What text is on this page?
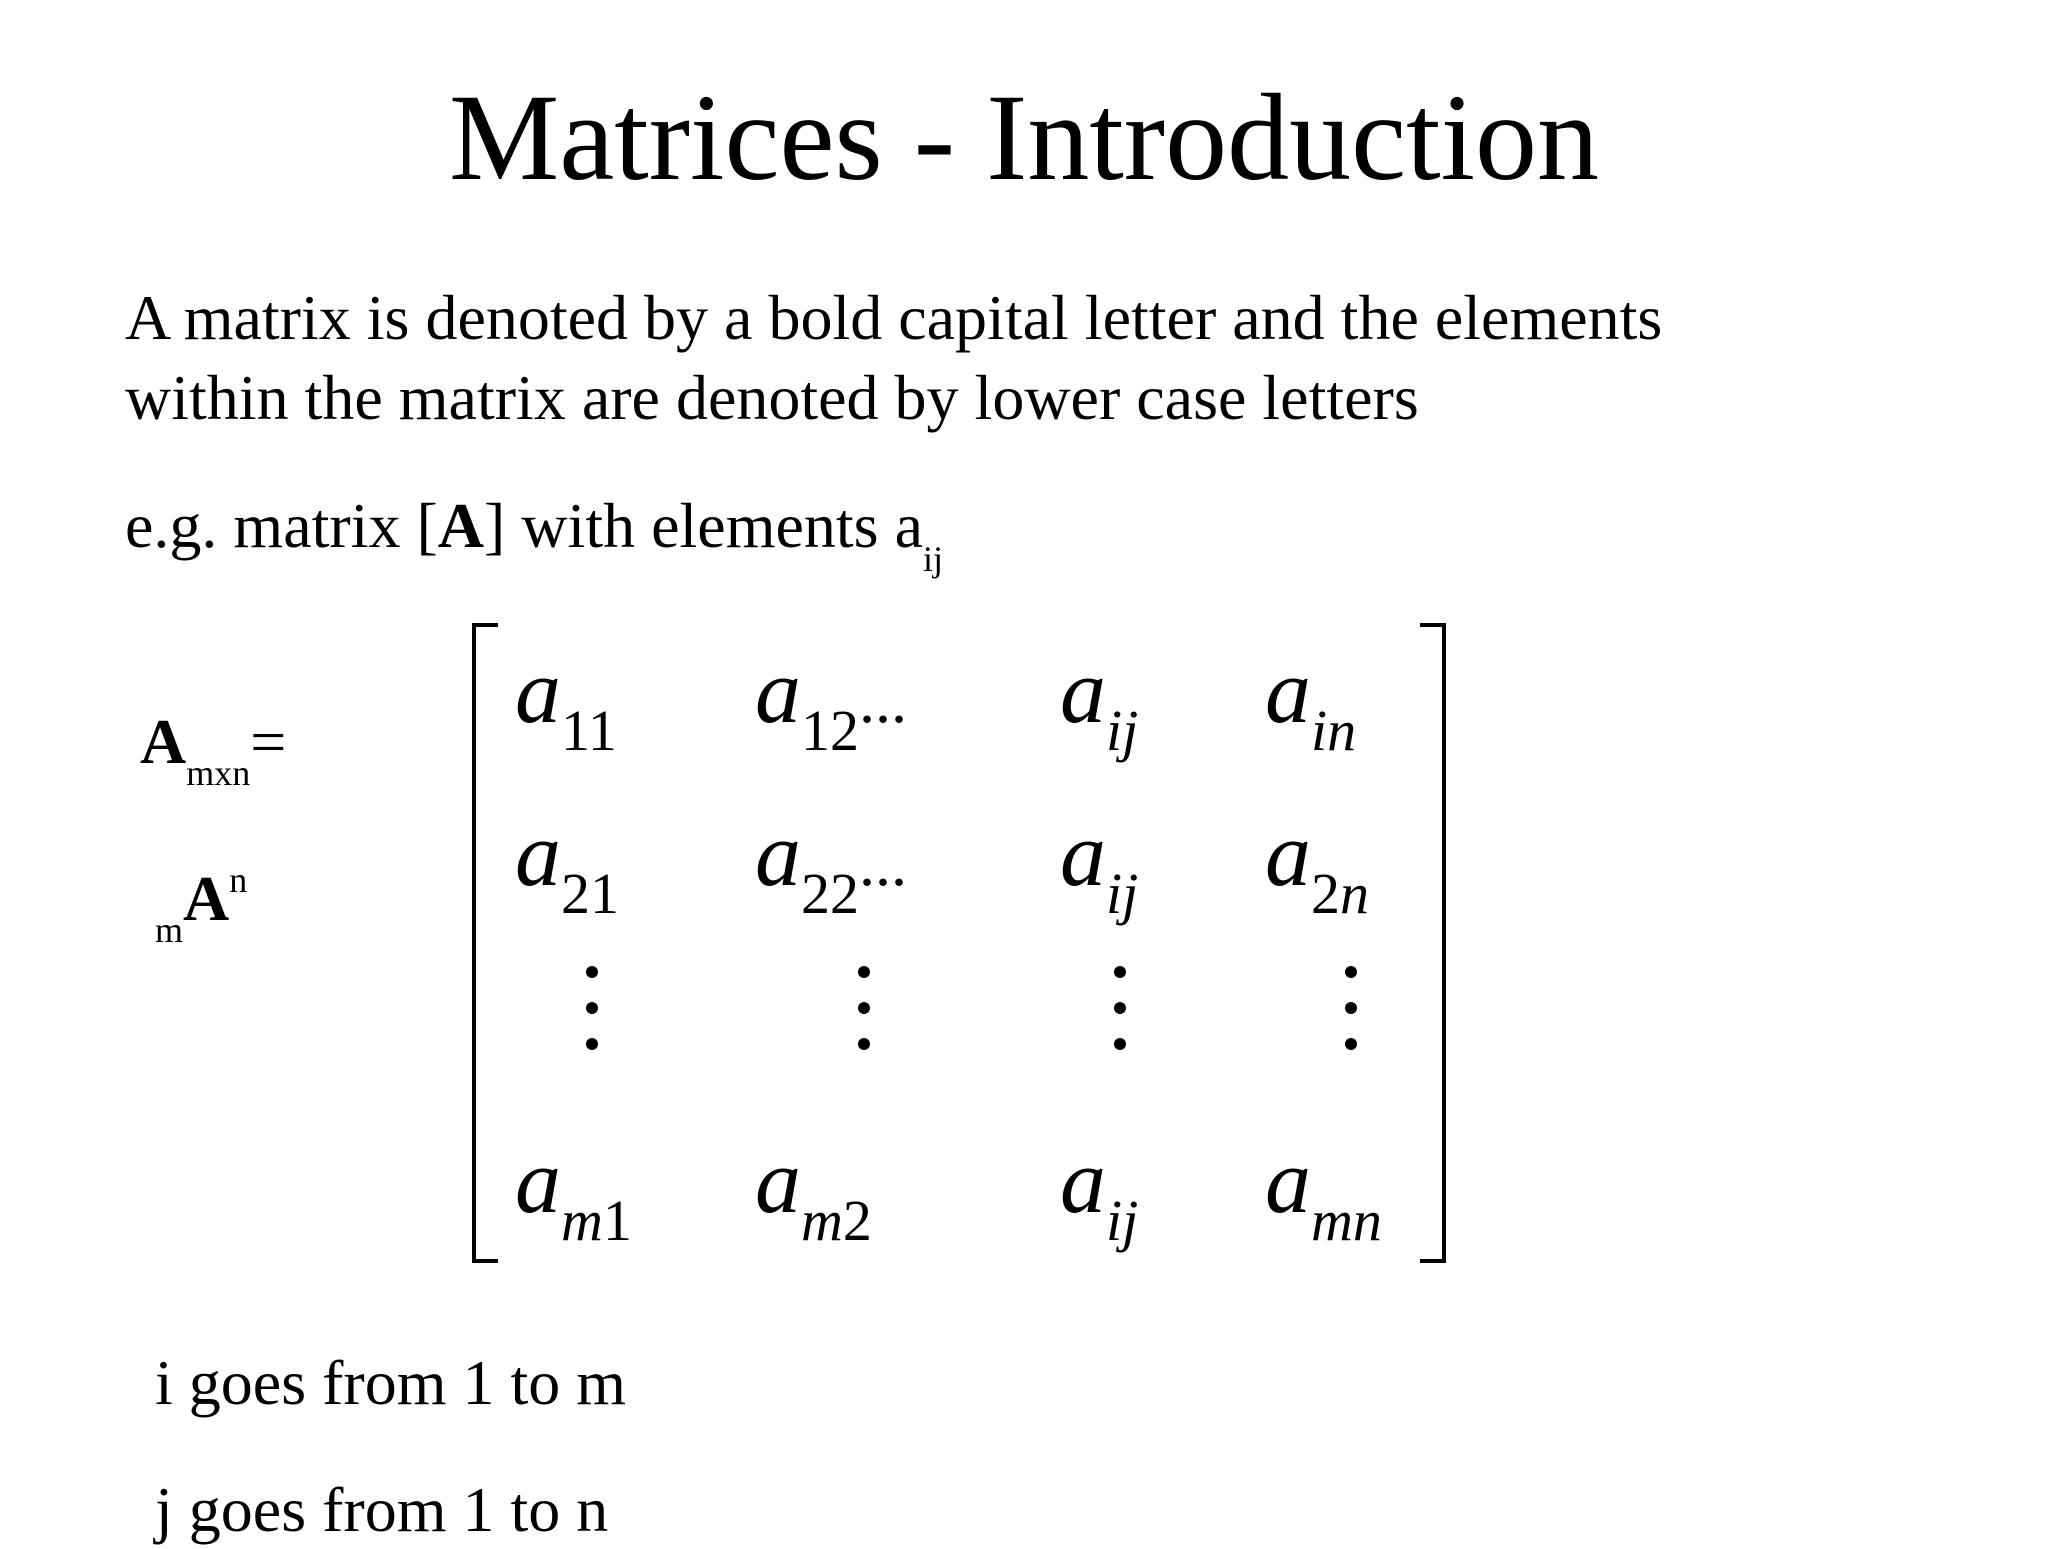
Matrices - Introduction
A matrix is denoted by a bold capital letter and the elements
within the matrix are denoted by lower case letters
e.g. matrix [A] with elements $a_{ij}$
$A_{mxn}=$
$_mA^n$
$a_{11}$ $a_{12}$... $a_{ij}$ $a_{in}$
$a_{21}$ $a_{22}$... $a_{ij}$ $a_{2n}$
$a_{m1}$ $a_{m2}$ $a_{ij}$ $a_{mn}$
i goes from 1 to m
j goes from 1 to n
